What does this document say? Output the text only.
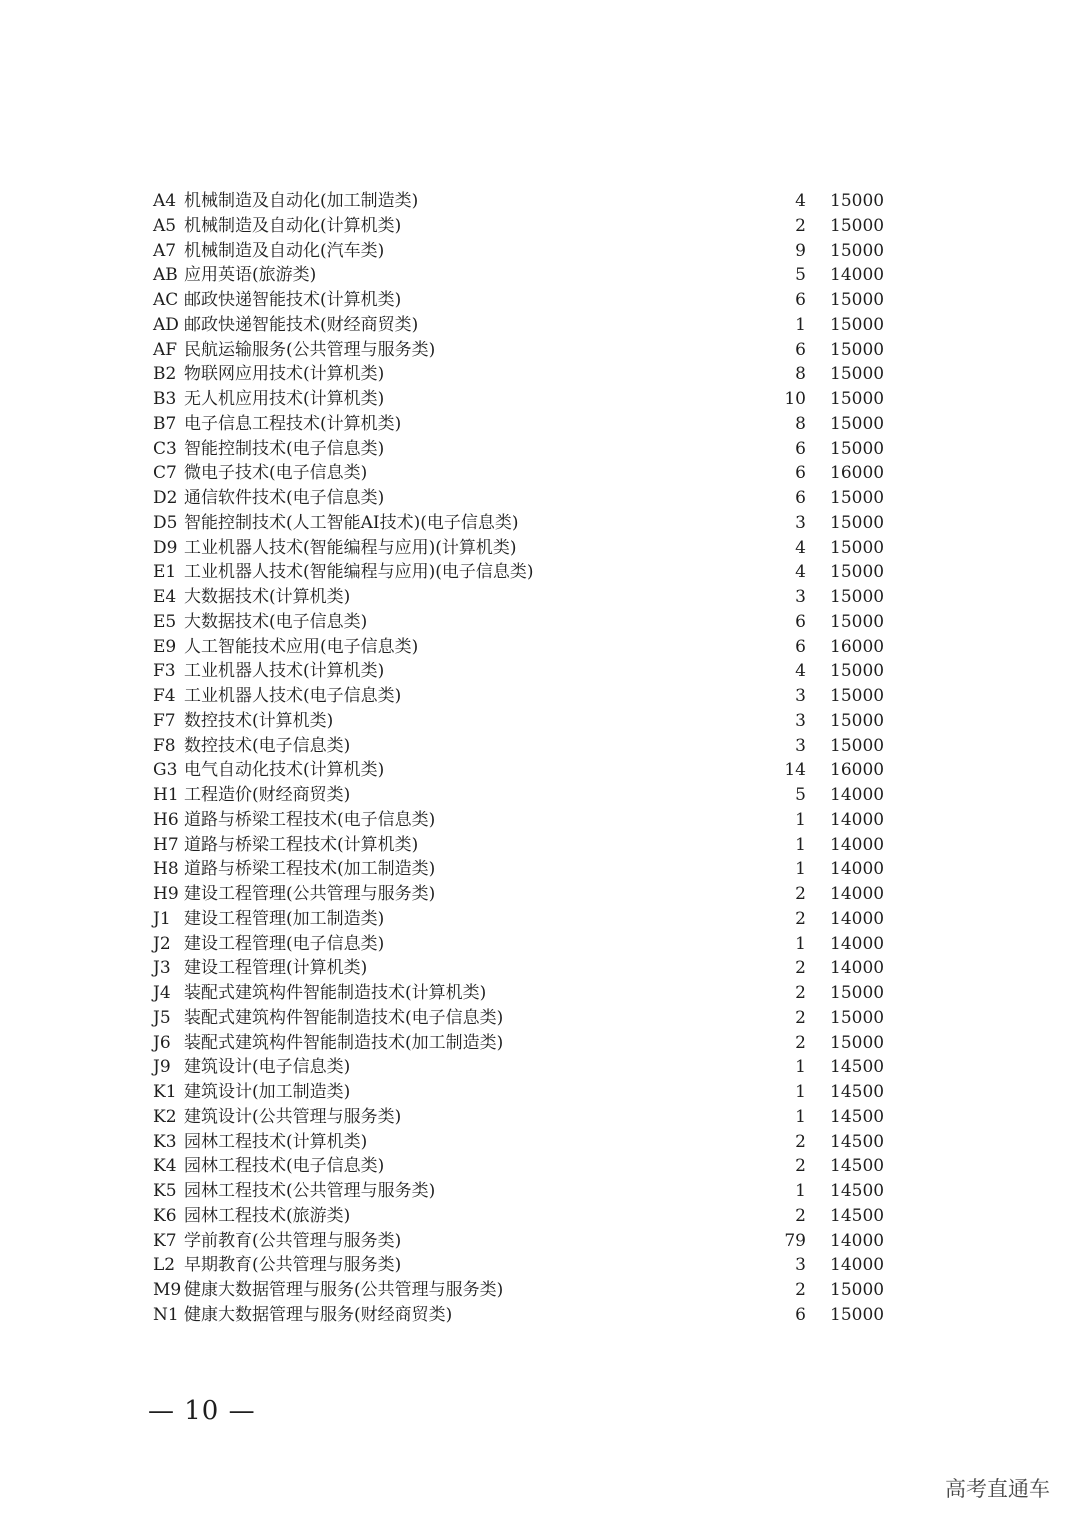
A4 机械制造及自动化(加工制造类)	4 15000
A5 机械制造及自动化(计算机类)	2 15000
A7 机械制造及自动化(汽车类)	9 15000
AB 应用英语(旅游类)	5 14000
AC 邮政快递智能技术(计算机类)	6 15000
AD 邮政快递智能技术(财经商贸类)	1 15000
AF 民航运输服务(公共管理与服务类)	6 15000
B2 物联网应用技术(计算机类)	8 15000
B3 无人机应用技术(计算机类)	10 15000
B7 电子信息工程技术(计算机类)	8 15000
C3 智能控制技术(电子信息类)	6 15000
C7 微电子技术(电子信息类)	6 16000
D2 通信软件技术(电子信息类)	6 15000
D5 智能控制技术(人工智能AI技术)(电子信息类)	3 15000
D9 工业机器人技术(智能编程与应用)(计算机类)	4 15000
E1 工业机器人技术(智能编程与应用)(电子信息类)	4 15000
E4 大数据技术(计算机类)	3 15000
E5 大数据技术(电子信息类)	6 15000
E9 人工智能技术应用(电子信息类)	6 16000
F3 工业机器人技术(计算机类)	4 15000
F4 工业机器人技术(电子信息类)	3 15000
F7 数控技术(计算机类)	3 15000
F8 数控技术(电子信息类)	3 15000
G3 电气自动化技术(计算机类)	14 16000
H1 工程造价(财经商贸类)	5 14000
H6 道路与桥梁工程技术(电子信息类)	1 14000
H7 道路与桥梁工程技术(计算机类)	1 14000
H8 道路与桥梁工程技术(加工制造类)	1 14000
H9 建设工程管理(公共管理与服务类)	2 14000
J1 建设工程管理(加工制造类)	2 14000
J2 建设工程管理(电子信息类)	1 14000
J3 建设工程管理(计算机类)	2 14000
J4 装配式建筑构件智能制造技术(计算机类)	2 15000
J5 装配式建筑构件智能制造技术(电子信息类)	2 15000
J6 装配式建筑构件智能制造技术(加工制造类)	2 15000
J9 建筑设计(电子信息类)	1 14500
K1 建筑设计(加工制造类)	1 14500
K2 建筑设计(公共管理与服务类)	1 14500
K3 园林工程技术(计算机类)	2 14500
K4 园林工程技术(电子信息类)	2 14500
K5 园林工程技术(公共管理与服务类)	1 14500
K6 园林工程技术(旅游类)	2 14500
K7 学前教育(公共管理与服务类)	79 14000
L2 早期教育(公共管理与服务类)	3 14000
M9 健康大数据管理与服务(公共管理与服务类)	2 15000
N1 健康大数据管理与服务(财经商贸类)	6 15000
— 10 —
高考直通车
